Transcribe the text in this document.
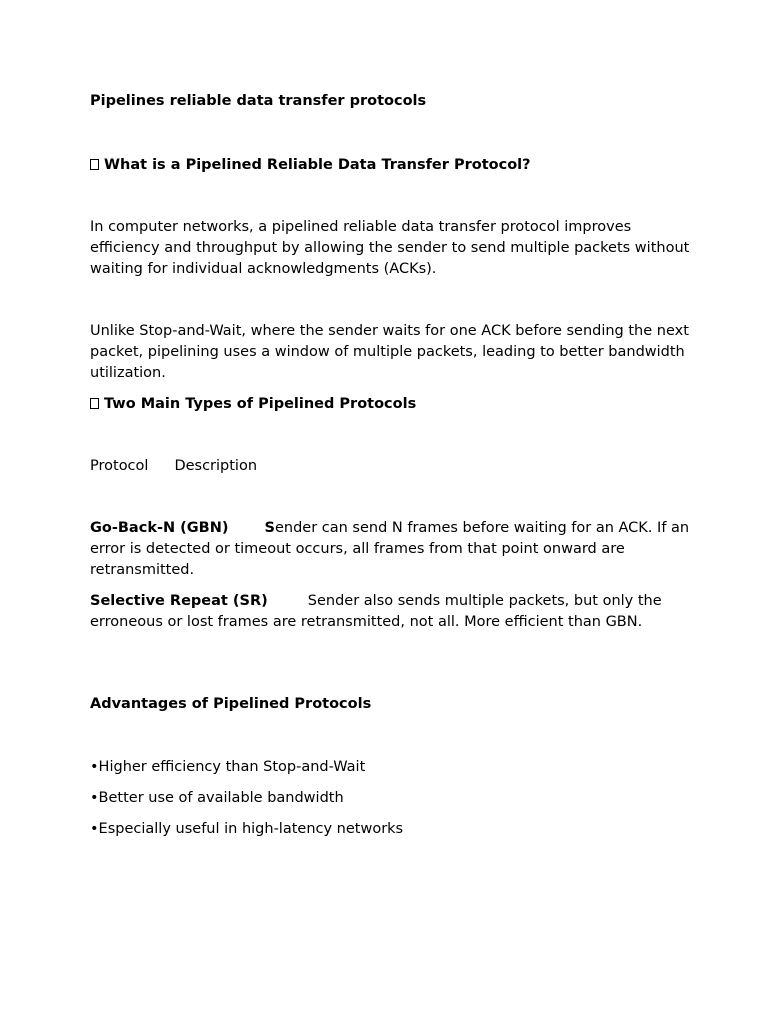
Pipelines reliable data transfer protocols

What is a Pipelined Reliable Data Transfer Protocol?

In computer networks, a pipelined reliable data transfer protocol improves efficiency and throughput by allowing the sender to send multiple packets without waiting for individual acknowledgments (ACKs).

Unlike Stop-and-Wait, where the sender waits for one ACK before sending the next packet, pipelining uses a window of multiple packets, leading to better bandwidth utilization.

Two Main Types of Pipelined Protocols

Protocol Description

Go-Back-N (GBN) Sender can send N frames before waiting for an ACK. If an error is detected or timeout occurs, all frames from that point onward are retransmitted.

Selective Repeat (SR)	Sender also sends multiple packets, but only the erroneous or lost frames are retransmitted, not all. More efficient than GBN.

Advantages of Pipelined Protocols

•Higher efficiency than Stop-and-Wait

•Better use of available bandwidth

•Especially useful in high-latency networks
